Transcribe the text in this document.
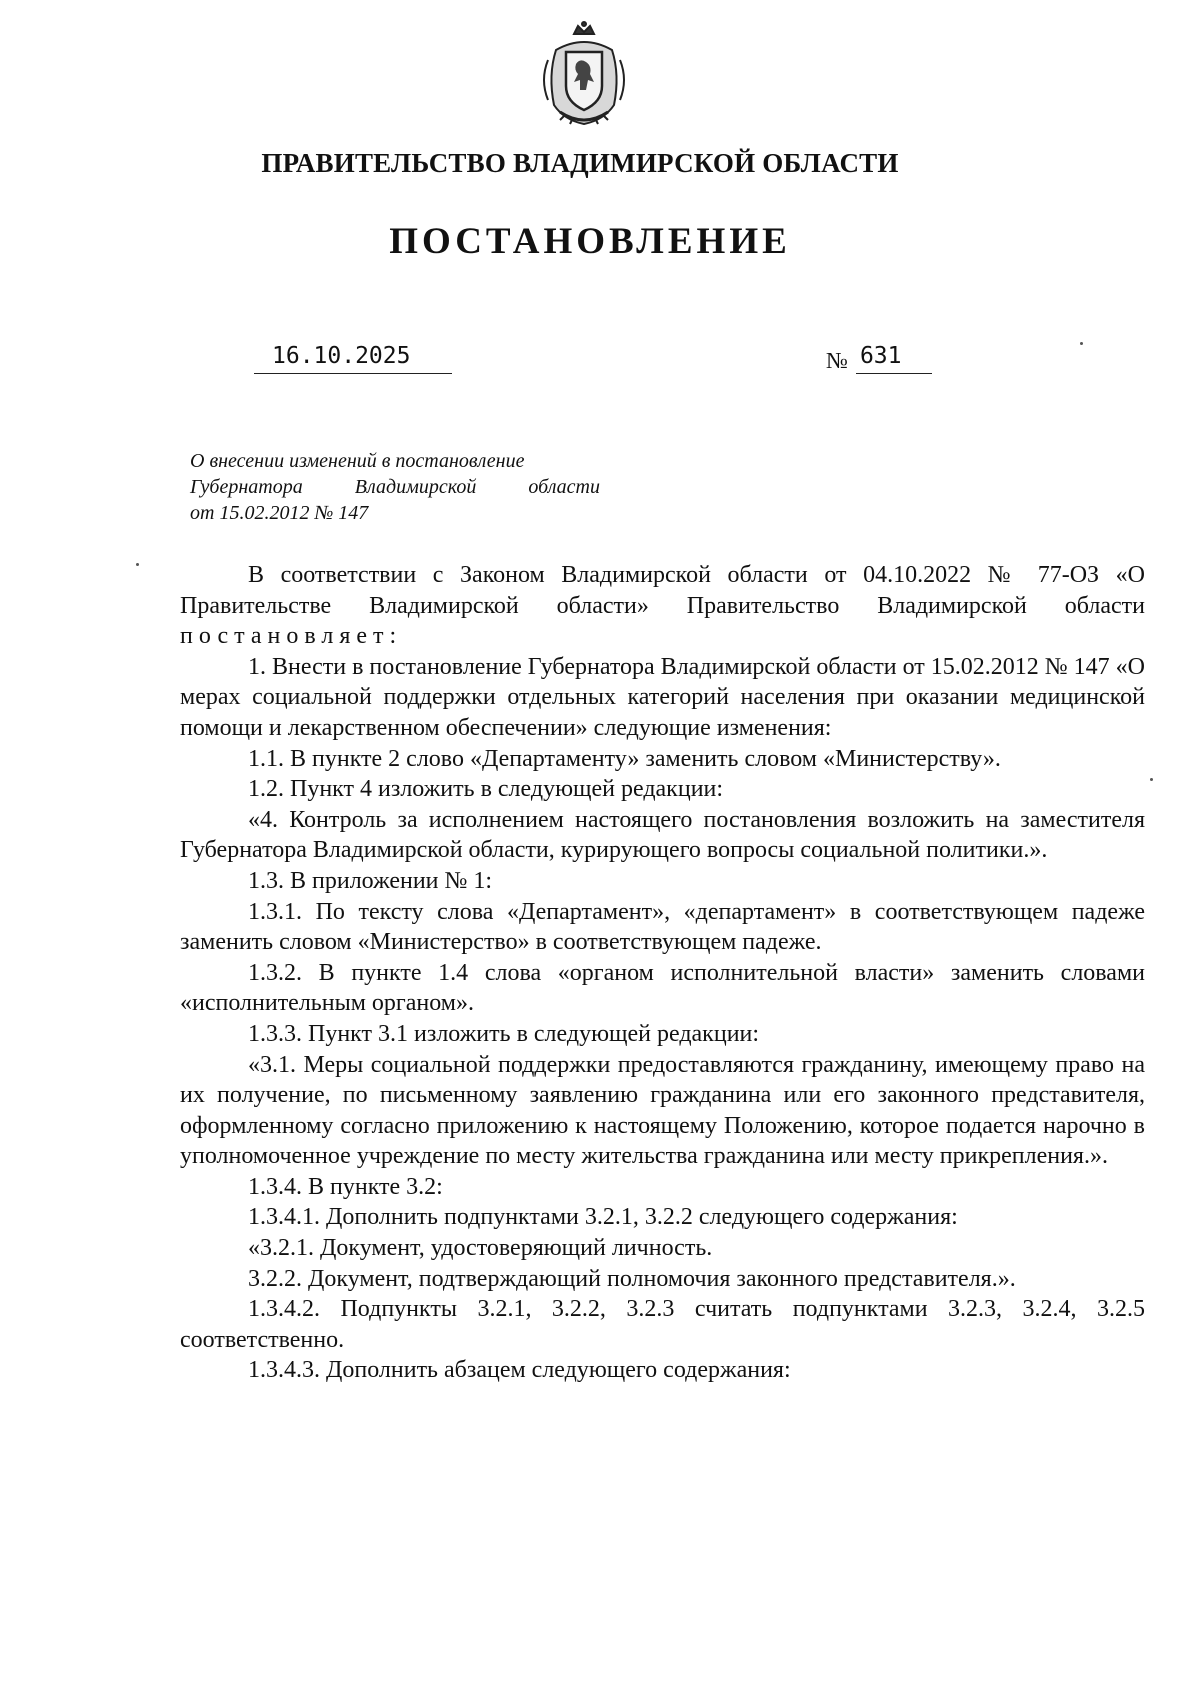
ПРАВИТЕЛЬСТВО ВЛАДИМИРСКОЙ ОБЛАСТИ
ПОСТАНОВЛЕНИЕ
16.10.2025	№ 631
О внесении изменений в постановление
Губернатора Владимирской области
от 15.02.2012 № 147

В соответствии с Законом Владимирской области от 04.10.2022 № 77-ОЗ «О Правительстве Владимирской области» Правительство Владимирской области постановляет:

1. Внести в постановление Губернатора Владимирской области от 15.02.2012 № 147 «О мерах социальной поддержки отдельных категорий населения при оказании медицинской помощи и лекарственном обеспечении» следующие изменения:

1.1. В пункте 2 слово «Департаменту» заменить словом «Министерству».

1.2. Пункт 4 изложить в следующей редакции:

«4. Контроль за исполнением настоящего постановления возложить на заместителя Губернатора Владимирской области, курирующего вопросы социальной политики.».

1.3. В приложении № 1:

1.3.1. По тексту слова «Департамент», «департамент» в соответствующем падеже заменить словом «Министерство» в соответствующем падеже.

1.3.2. В пункте 1.4 слова «органом исполнительной власти» заменить словами «исполнительным органом».

1.3.3. Пункт 3.1 изложить в следующей редакции:

«3.1. Меры социальной поддержки предоставляются гражданину, имеющему право на их получение, по письменному заявлению гражданина или его законного представителя, оформленному согласно приложению к настоящему Положению, которое подается нарочно в уполномоченное учреждение по месту жительства гражданина или месту прикрепления.».

1.3.4. В пункте 3.2:

1.3.4.1. Дополнить подпунктами 3.2.1, 3.2.2 следующего содержания:

«3.2.1. Документ, удостоверяющий личность.

3.2.2. Документ, подтверждающий полномочия законного представителя.».

1.3.4.2. Подпункты 3.2.1, 3.2.2, 3.2.3 считать подпунктами 3.2.3, 3.2.4, 3.2.5 соответственно.

1.3.4.3. Дополнить абзацем следующего содержания:
